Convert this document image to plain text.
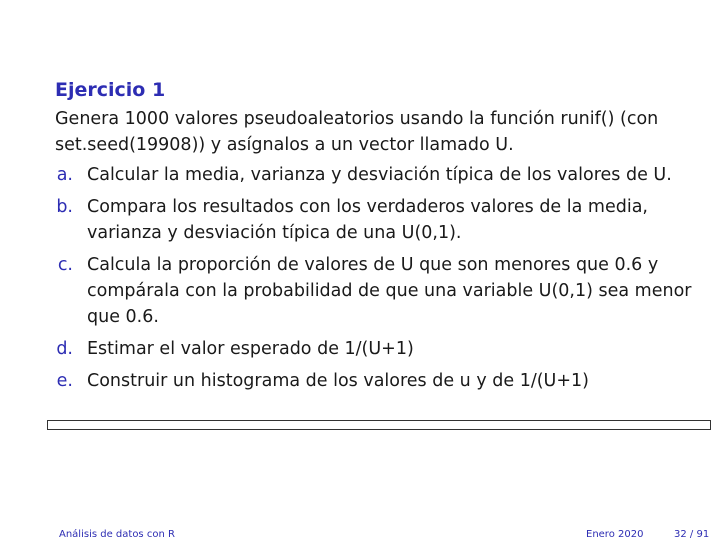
Ejercicio 1

Genera 1000 valores pseudoaleatorios usando la función runif() (con set.seed(19908)) y asígnalos a un vector llamado U.

a. Calcular la media, varianza y desviación típica de los valores de U.
b. Compara los resultados con los verdaderos valores de la media, varianza y desviación típica de una U(0,1).
c. Calcula la proporción de valores de U que son menores que 0.6 y compárala con la probabilidad de que una variable U(0,1) sea menor que 0.6.
d. Estimar el valor esperado de 1/(U+1)
e. Construir un histograma de los valores de u y de 1/(U+1)
Análisis de datos con R	Enero 2020	32 / 91
